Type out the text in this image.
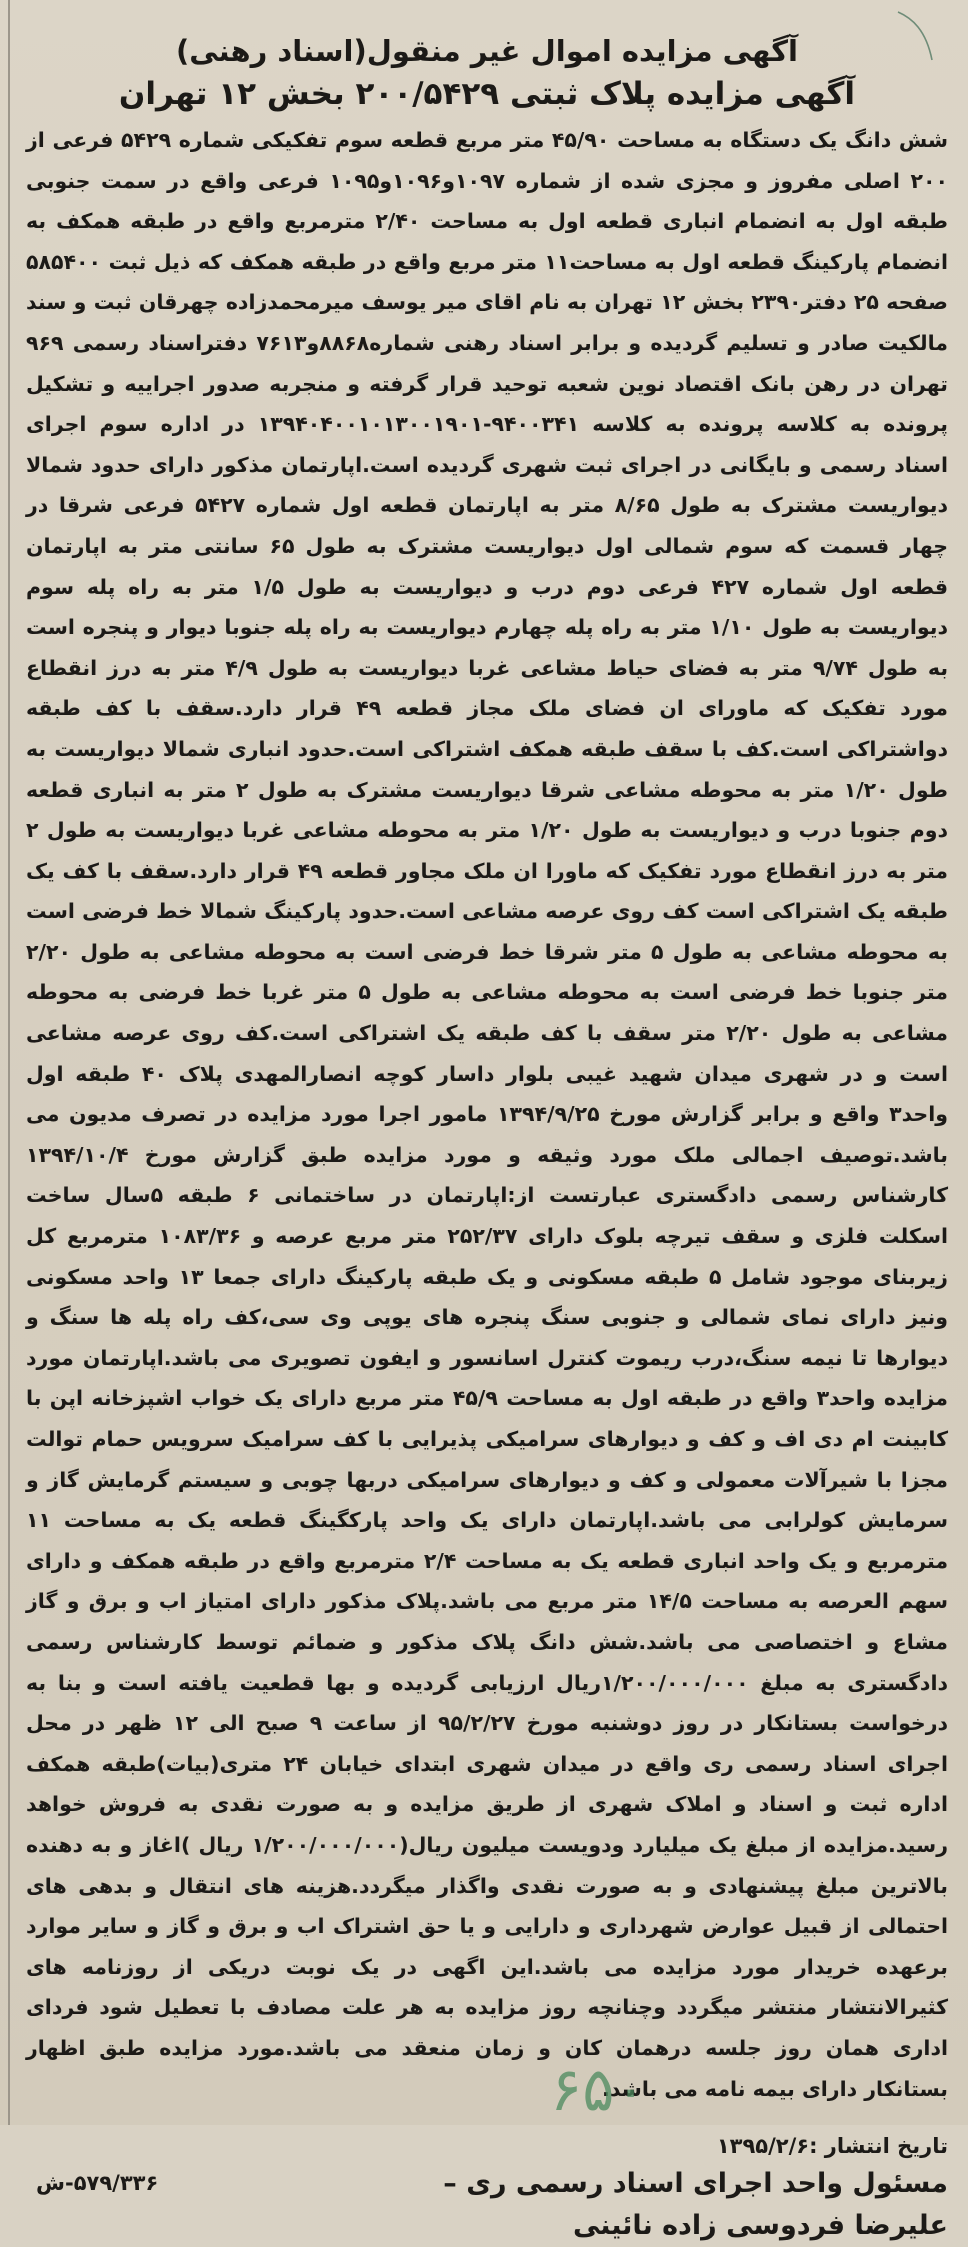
آگهی مزایده اموال غیر منقول(اسناد رهنی)
آگهی مزایده پلاک ثبتی ۲۰۰/۵۴۲۹ بخش ۱۲ تهران

شش دانگ یک دستگاه به مساحت ۴۵/۹۰ متر مربع قطعه سوم تفکیکی شماره ۵۴۲۹ فرعی از ۲۰۰ اصلی مفروز و مجزی شده از شماره ۱۰۹۷و۱۰۹۶و۱۰۹۵ فرعی واقع در سمت جنوبی طبقه اول به انضمام انباری قطعه اول به مساحت ۲/۴۰ مترمربع واقع در طبقه همکف به انضمام پارکینگ قطعه اول به مساحت۱۱ متر مربع واقع در طبقه همکف که ذیل ثبت ۵۸۵۴۰۰ صفحه ۲۵ دفتر۲۳۹۰ بخش ۱۲ تهران به نام اقای میر یوسف میرمحمدزاده چهرقان ثبت و سند مالکیت صادر و تسلیم گردیده و برابر اسناد رهنی شماره۸۸۶۸و۷۶۱۳ دفتراسناد رسمی ۹۶۹ تهران در رهن بانک اقتصاد نوین شعبه توحید قرار گرفته و منجربه صدور اجراییه و تشکیل پرونده به کلاسه پرونده به کلاسه ۹۴۰۰۳۴۱-۱۳۹۴۰۴۰۰۱۰۱۳۰۰۱۹۰۱ در اداره سوم اجرای اسناد رسمی و بایگانی در اجرای ثبت شهری گردیده است.اپارتمان مذکور دارای حدود شمالا دیواریست مشترک به طول ۸/۶۵ متر به اپارتمان قطعه اول شماره ۵۴۲۷ فرعی شرقا در چهار قسمت که سوم شمالی اول دیواریست مشترک به طول ۶۵ سانتی متر به اپارتمان قطعه اول شماره ۴۲۷ فرعی دوم درب و دیواریست به طول ۱/۵ متر به راه پله سوم دیواریست به طول ۱/۱۰ متر به راه پله چهارم دیواریست به راه پله جنوبا دیوار و پنجره است به طول ۹/۷۴ متر به فضای حیاط مشاعی غربا دیواریست به طول ۴/۹ متر به درز انقطاع مورد تفکیک که ماورای ان فضای ملک مجاز قطعه ۴۹ قرار دارد.سقف با کف طبقه دواشتراکی است.کف با سقف طبقه همکف اشتراکی است.حدود انباری شمالا دیواریست به طول ۱/۲۰ متر به محوطه مشاعی شرقا دیواریست مشترک به طول ۲ متر به انباری قطعه دوم جنوبا درب و دیواریست به طول ۱/۲۰ متر به محوطه مشاعی غربا دیواریست به طول ۲ متر به درز انقطاع مورد تفکیک که ماورا ان ملک مجاور قطعه ۴۹ قرار دارد.سقف با کف یک طبقه یک اشتراکی است کف روی عرصه مشاعی است.حدود پارکینگ شمالا خط فرضی است به محوطه مشاعی به طول ۵ متر شرقا خط فرضی است به محوطه مشاعی به طول ۲/۲۰ متر جنوبا خط فرضی است به محوطه مشاعی به طول ۵ متر غربا خط فرضی به محوطه مشاعی به طول ۲/۲۰ متر سقف با کف طبقه یک اشتراکی است.کف روی عرصه مشاعی است و در شهری میدان شهید غیبی بلوار داسار کوچه انصارالمهدی پلاک ۴۰ طبقه اول واحد۳ واقع و برابر گزارش مورخ ۱۳۹۴/۹/۲۵ مامور اجرا مورد مزایده در تصرف مدیون می باشد.توصیف اجمالی ملک مورد وثیقه و مورد مزایده طبق گزارش مورخ ۱۳۹۴/۱۰/۴ کارشناس رسمی دادگستری عبارتست از:اپارتمان در ساختمانی ۶ طبقه ۵سال ساخت اسکلت فلزی و سقف تیرچه بلوک دارای ۲۵۲/۳۷ متر مربع عرصه و ۱۰۸۳/۳۶ مترمربع کل زیربنای موجود شامل ۵ طبقه مسکونی و یک طبقه پارکینگ دارای جمعا ۱۳ واحد مسکونی ونیز دارای نمای شمالی و جنوبی سنگ پنجره های یوپی وی سی،کف راه پله ها سنگ و دیوارها تا نیمه سنگ،درب ریموت کنترل اسانسور و ایفون تصویری می باشد.اپارتمان مورد مزایده واحد۳ واقع در طبقه اول به مساحت ۴۵/۹ متر مربع دارای یک خواب اشپزخانه اپن با کابینت ام دی اف و کف و دیوارهای سرامیکی پذیرایی با کف سرامیک سرویس حمام توالت مجزا با شیرآلات معمولی و کف و دیوارهای سرامیکی دربها چوبی و سیستم گرمایش گاز و سرمایش کولرابی می باشد.اپارتمان دارای یک واحد پارکگینگ قطعه یک به مساحت ۱۱ مترمربع و یک واحد انباری قطعه یک به مساحت ۲/۴ مترمربع واقع در طبقه همکف و دارای سهم العرصه به مساحت ۱۴/۵ متر مربع می باشد.پلاک مذکور دارای امتیاز اب و برق و گاز مشاع و اختصاصی می باشد.شش دانگ پلاک مذکور و ضمائم توسط کارشناس رسمی دادگستری به مبلغ ۱/۲۰۰/۰۰۰/۰۰۰ریال ارزیابی گردیده و بها قطعیت یافته است و بنا به درخواست بستانکار در روز دوشنبه مورخ ۹۵/۲/۲۷ از ساعت ۹ صبح الی ۱۲ ظهر در محل اجرای اسناد رسمی ری واقع در میدان شهری ابتدای خیابان ۲۴ متری(بیات)طبقه همکف اداره ثبت و اسناد و املاک شهری از طریق مزایده و به صورت نقدی به فروش خواهد رسید.مزایده از مبلغ یک میلیارد ودویست میلیون ریال(۱/۲۰۰/۰۰۰/۰۰۰ ریال )اغاز و به دهنده بالاترین مبلغ پیشنهادی و به صورت نقدی واگذار میگردد.هزینه های انتقال و بدهی های احتمالی از قبیل عوارض شهرداری و دارایی و یا حق اشتراک اب و برق و گاز و سایر موارد برعهده خریدار مورد مزایده می باشد.این اگهی در یک نوبت دریکی از روزنامه های کثیرالانتشار منتشر میگردد وچنانچه روز مزایده به هر علت مصادف با تعطیل شود فردای اداری همان روز جلسه درهمان کان و زمان منعقد می باشد.مورد مزایده طبق اظهار بستانکار دارای بیمه نامه می باشد.

تاریخ انتشار :۱۳۹۵/۲/۶
۵۷۹/۳۳۶-ش	مسئول واحد اجرای اسناد رسمی ری –

علیرضا فردوسی زاده نائینی

۶۵۰
